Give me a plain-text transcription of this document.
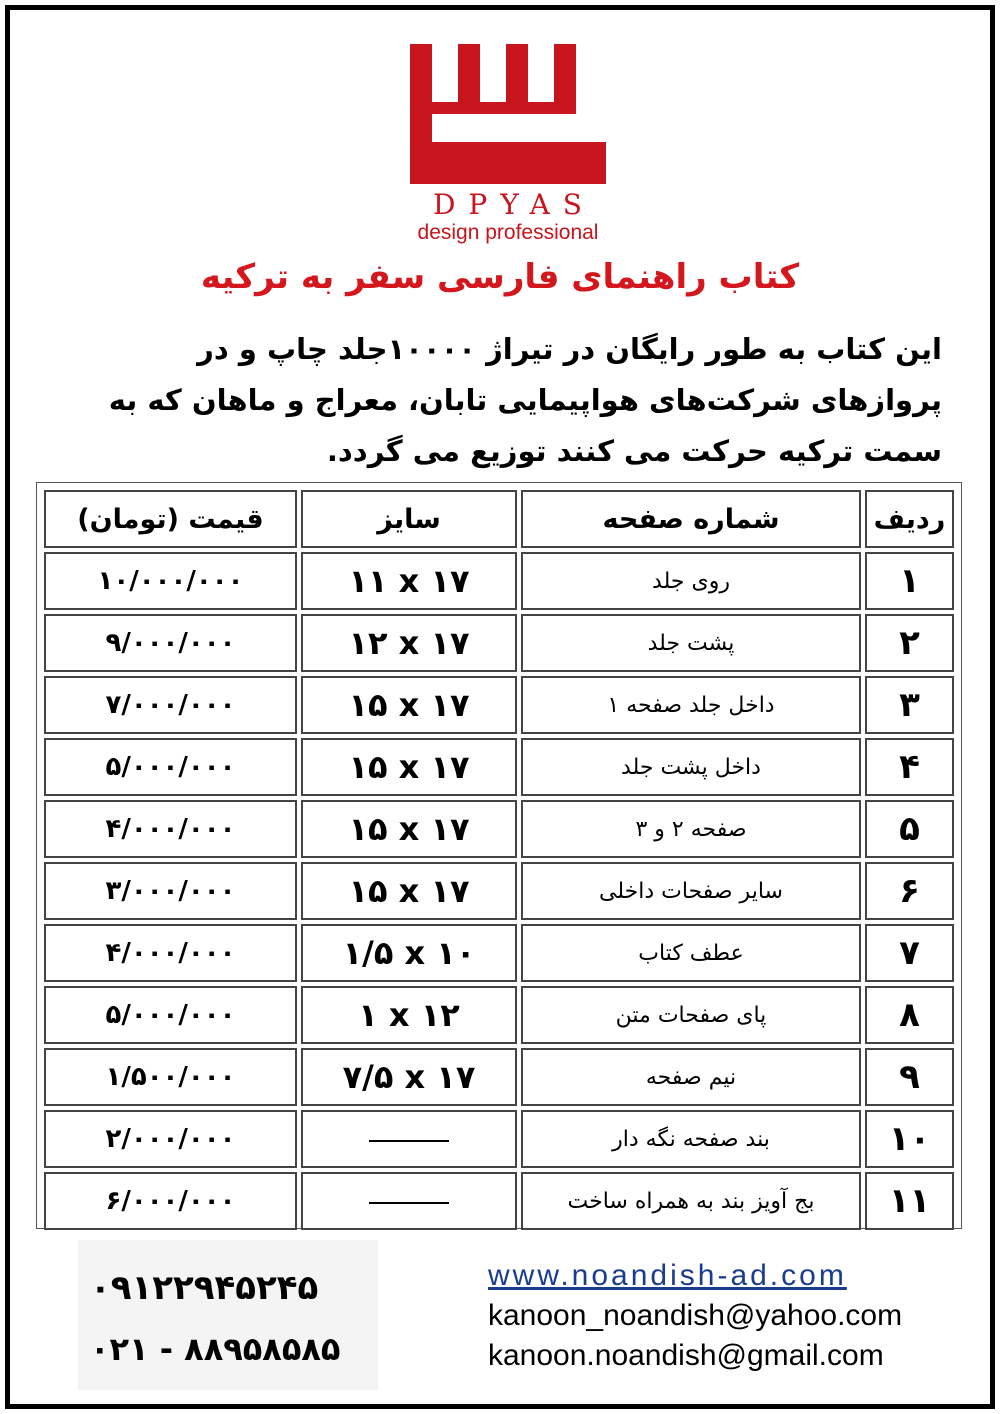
DPYAS
design professional
کتاب راهنمای فارسی سفر به ترکیه
این کتاب به طور رایگان در تیراژ ۱۰۰۰۰جلد چاپ و در پروازهای شرکت‌های هواپیمایی تابان، معراج و ماهان که به سمت ترکیه حرکت می کنند توزیع می گردد.
ردیف	شماره صفحه	سایز	قیمت (تومان)
۱	روی جلد	۱۱ x ۱۷	۱۰/۰۰۰/۰۰۰
۲	پشت جلد	۱۲ x ۱۷	۹/۰۰۰/۰۰۰
۳	داخل جلد صفحه ۱	۱۵ x ۱۷	۷/۰۰۰/۰۰۰
۴	داخل پشت جلد	۱۵ x ۱۷	۵/۰۰۰/۰۰۰
۵	صفحه ۲ و ۳	۱۵ x ۱۷	۴/۰۰۰/۰۰۰
۶	سایر صفحات داخلی	۱۵ x ۱۷	۳/۰۰۰/۰۰۰
۷	عطف کتاب	۱/۵ x ۱۰	۴/۰۰۰/۰۰۰
۸	پای صفحات متن	۱ x ۱۲	۵/۰۰۰/۰۰۰
۹	نیم صفحه	۷/۵ x ۱۷	۱/۵۰۰/۰۰۰
۱۰	بند صفحه نگه دار		۲/۰۰۰/۰۰۰
۱۱	بج آویز بند به همراه ساخت		۶/۰۰۰/۰۰۰
۰۹۱۲۲۹۴۵۲۴۵
۰۲۱ - ۸۸۹۵۸۵۸۵
www.noandish-ad.com
kanoon_noandish@yahoo.com
kanoon.noandish@gmail.com
